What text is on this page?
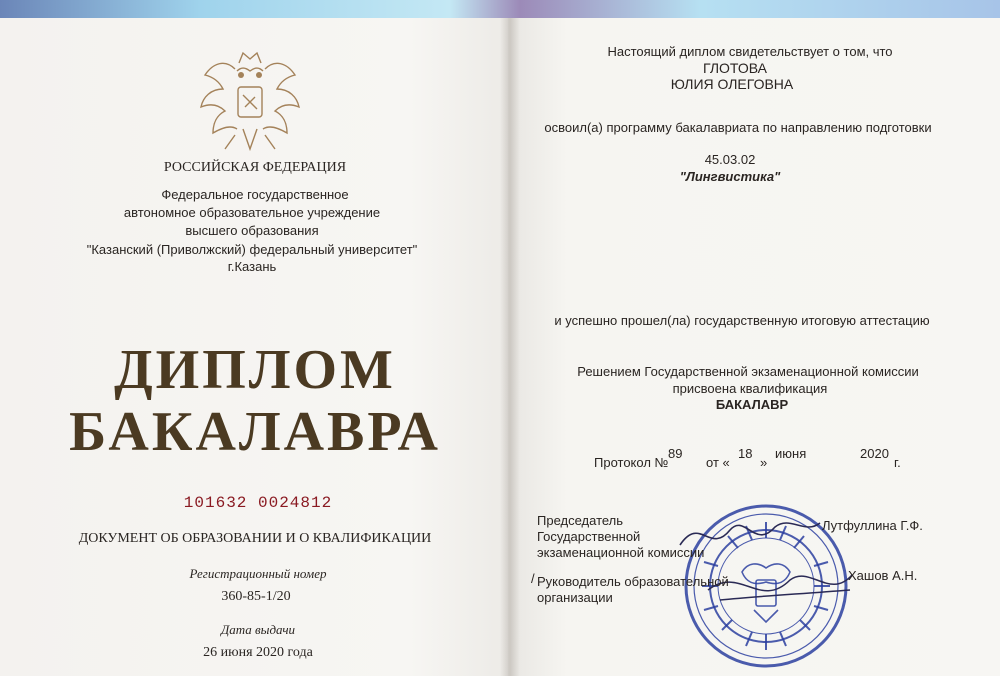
РОССИЙСКАЯ ФЕДЕРАЦИЯ
Федеральное государственное
автономное образовательное учреждение
высшего образования
"Казанский (Приволжский) федеральный университет"
г.Казань
ДИПЛОМ
БАКАЛАВРА
101632 0024812
ДОКУМЕНТ ОБ ОБРАЗОВАНИИ И О КВАЛИФИКАЦИИ
Регистрационный номер
360-85-1/20
Дата выдачи
26 июня 2020 года
Настоящий диплом свидетельствует о том, что
ГЛОТОВА
ЮЛИЯ ОЛЕГОВНА
освоил(а) программу бакалавриата по направлению подготовки
45.03.02
"Лингвистика"
и успешно прошел(ла) государственную итоговую аттестацию
Решением Государственной экзаменационной комиссии
присвоена квалификация
БАКАЛАВР
Протокол №
89
от «
18
»
июня	2020
г.
Председатель
Государственной
экзаменационной комиссии
Лутфуллина Г.Ф.
/ Руководитель образовательной
организации
Хашов А.Н.
